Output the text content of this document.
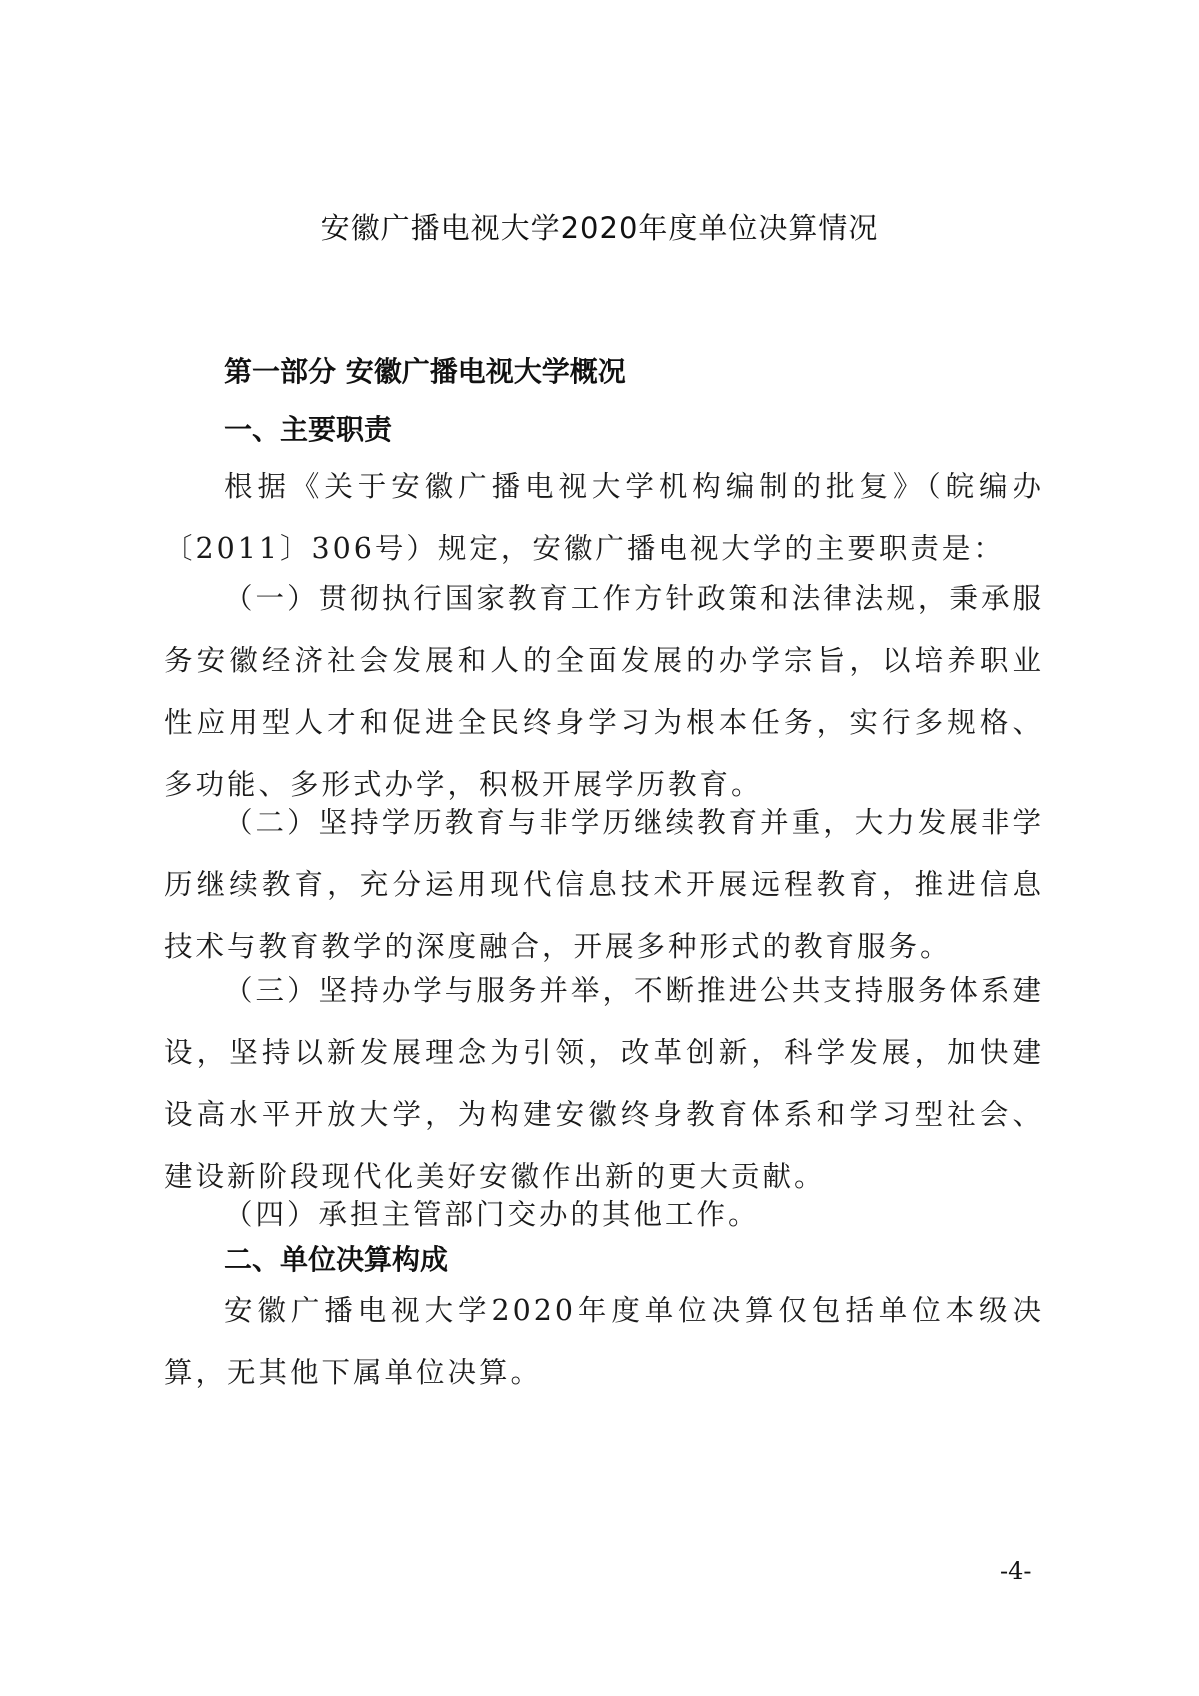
安徽广播电视大学2020年度单位决算情况
第一部分 安徽广播电视大学概况
一、主要职责
根据《关于安徽广播电视大学机构编制的批复》（皖编办〔2011〕306号）规定，安徽广播电视大学的主要职责是：
（一）贯彻执行国家教育工作方针政策和法律法规，秉承服务安徽经济社会发展和人的全面发展的办学宗旨，以培养职业性应用型人才和促进全民终身学习为根本任务，实行多规格、多功能、多形式办学，积极开展学历教育。
（二）坚持学历教育与非学历继续教育并重，大力发展非学历继续教育，充分运用现代信息技术开展远程教育，推进信息技术与教育教学的深度融合，开展多种形式的教育服务。
（三）坚持办学与服务并举，不断推进公共支持服务体系建设，坚持以新发展理念为引领，改革创新，科学发展，加快建设高水平开放大学，为构建安徽终身教育体系和学习型社会、建设新阶段现代化美好安徽作出新的更大贡献。
（四）承担主管部门交办的其他工作。
二、单位决算构成
安徽广播电视大学2020年度单位决算仅包括单位本级决算，无其他下属单位决算。
-4-
